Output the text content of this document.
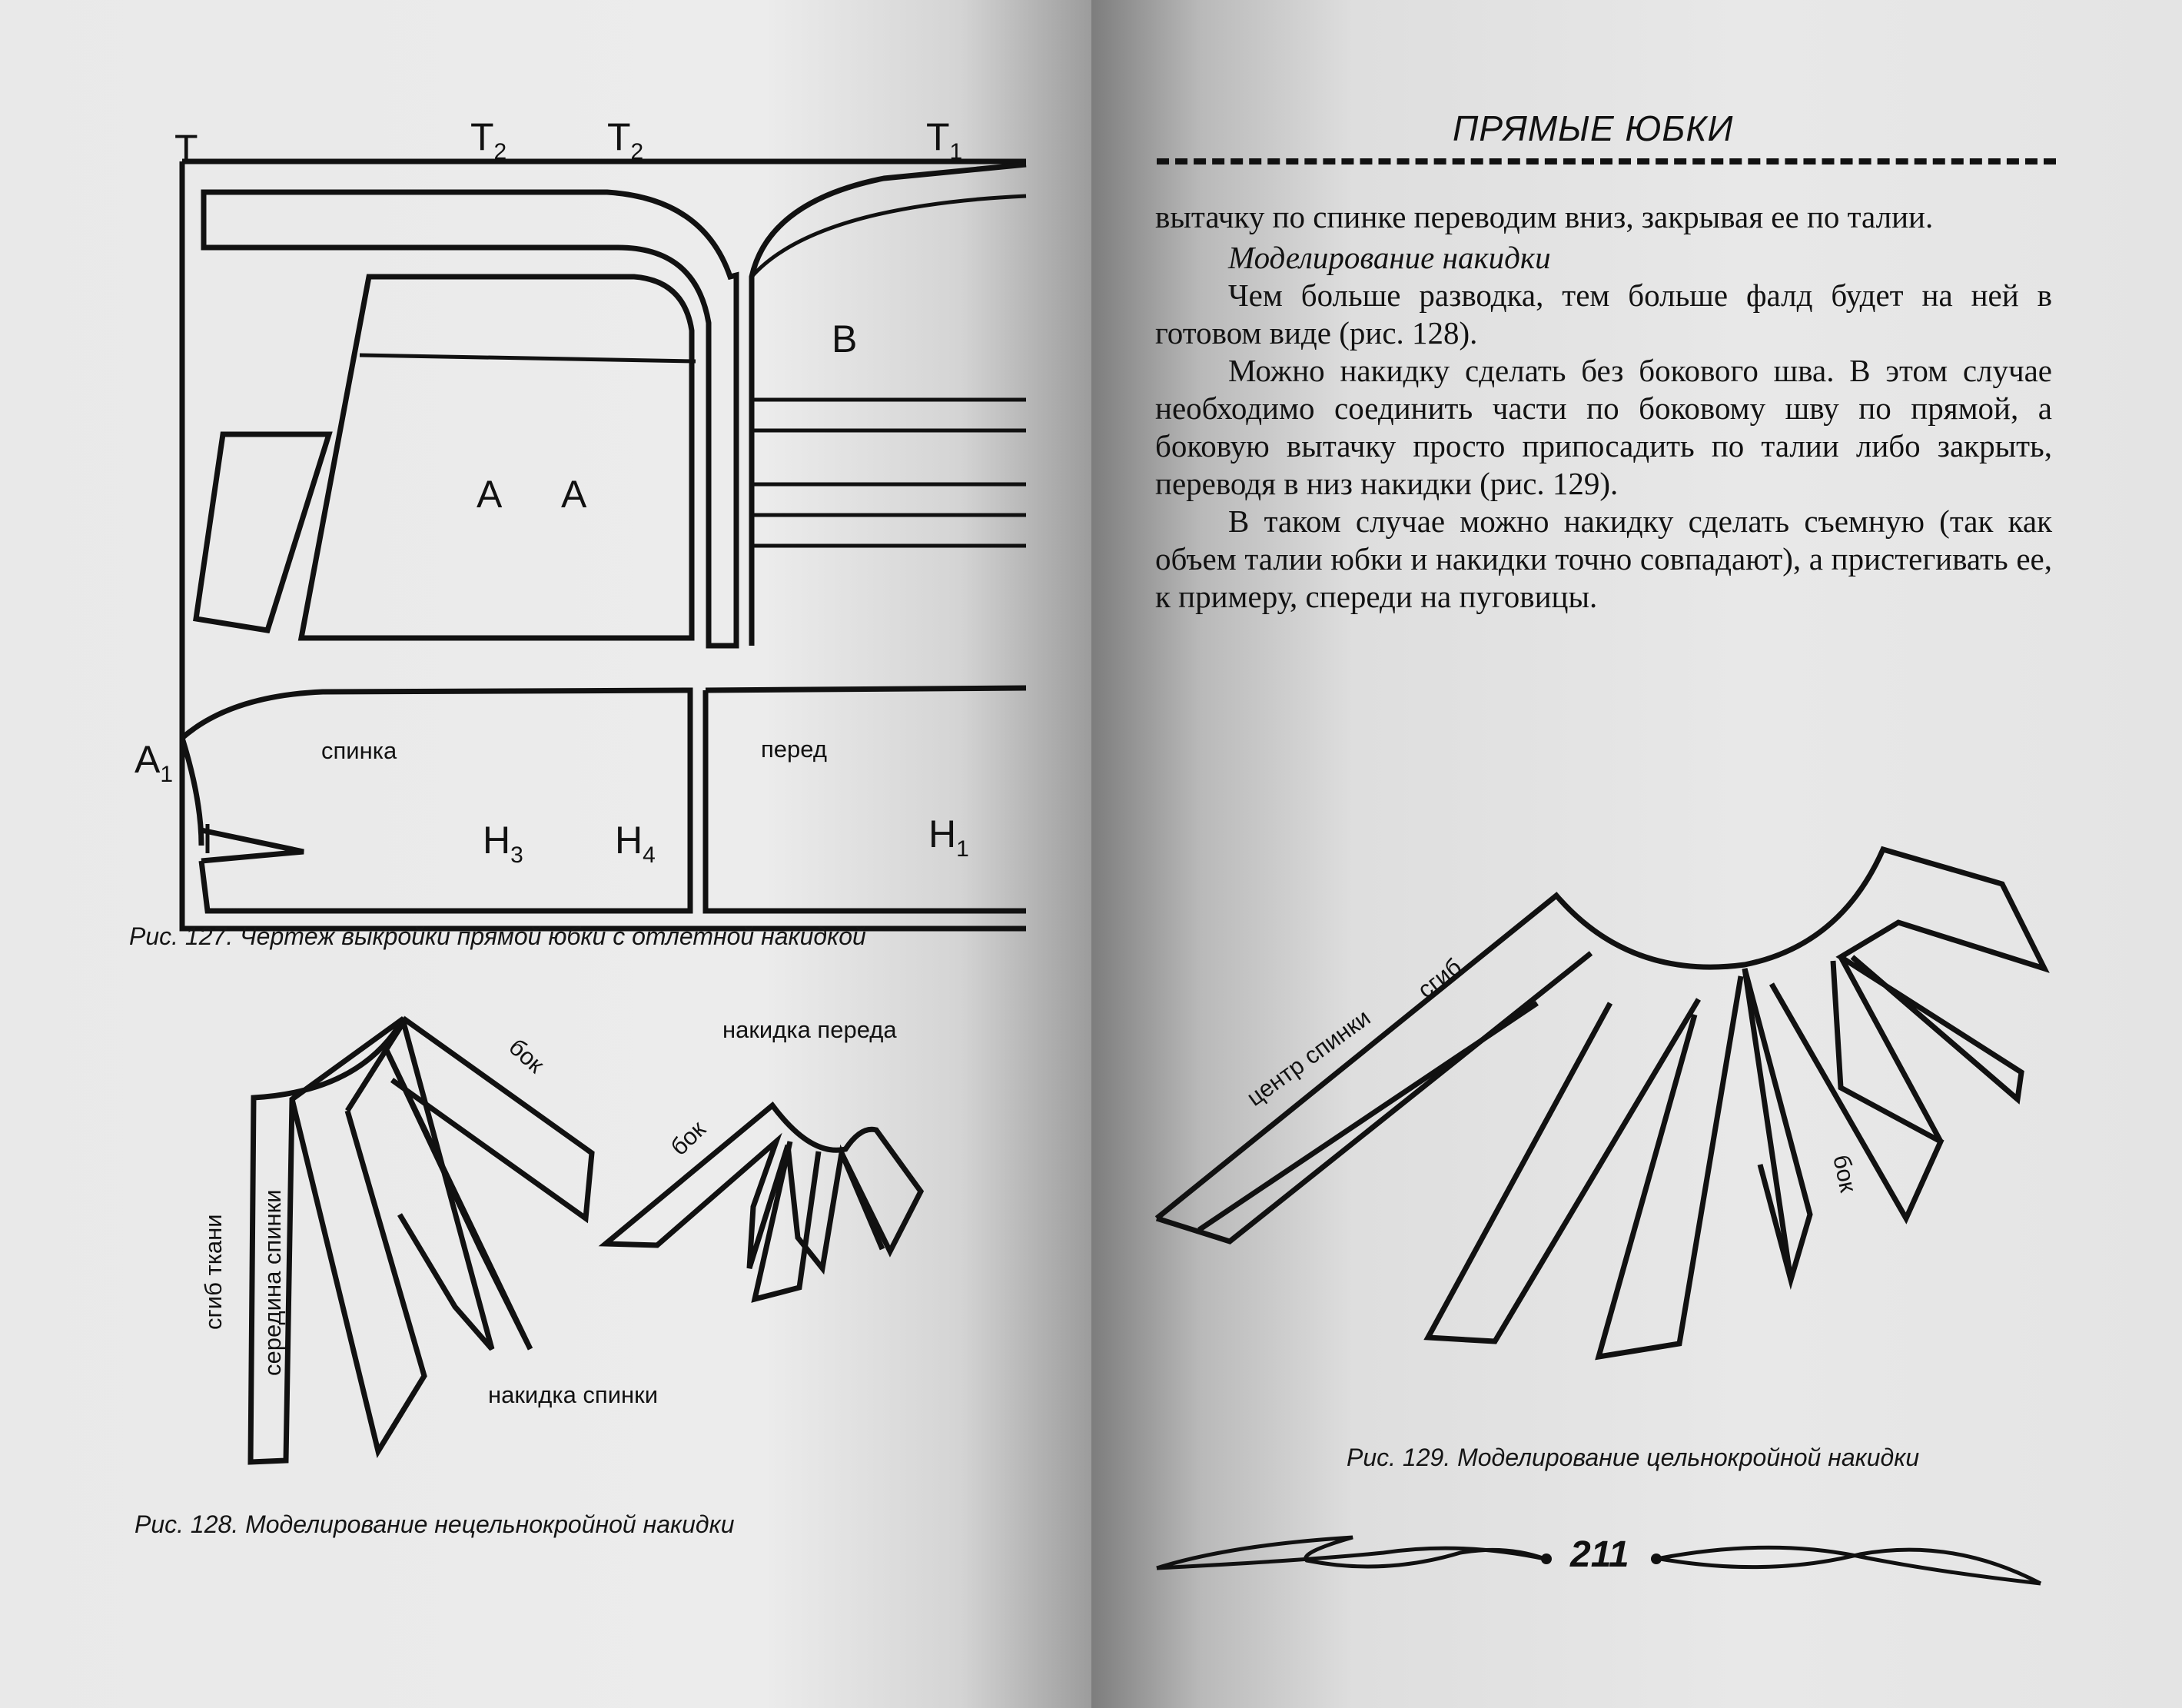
Т	$Т_2$	$Т_2$	$Т_1$
В
А А
$А_1$
спинка	перед
$Н_3$ $Н_4$	$Н_1$

Рис. 127. Чертеж выкройки прямой юбки с отлетной накидкой

бок
накидка переда
бок
сгиб ткани середина спинки
накидка спинки

Рис. 128. Моделирование нецельнокройной накидки

ПРЯМЫЕ ЮБКИ

вытачку по спинке переводим вниз, закрывая ее по талии.

Моделирование накидки

Чем больше разводка, тем больше фалд будет на ней в готовом виде (рис. 128).

Можно накидку сделать без бокового шва. В этом случае необходимо соединить части по боковому шву по прямой, а боковую вытачку просто припосадить по талии либо закрыть, переводя в низ накидки (рис. 129).

В таком случае можно накидку сделать съемную (так как объем талии юбки и накидки точно совпадают), а пристегивать ее, к примеру, спереди на пуговицы.

сгиб
центр спинки
бок

Рис. 129. Моделирование цельнокройной накидки

211
